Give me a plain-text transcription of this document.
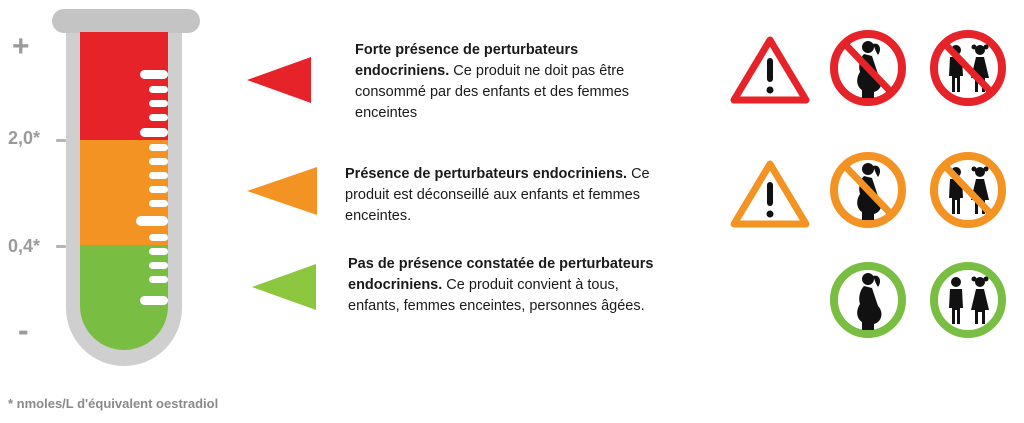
+
2,0*
0,4*
-
Forte présence de perturbateurs endocriniens. Ce produit ne doit pas être consommé par des enfants et des femmes enceintes
Présence de perturbateurs endocriniens. Ce produit est déconseillé aux enfants et femmes enceintes.
Pas de présence constatée de perturbateurs endocriniens. Ce produit convient à tous, enfants, femmes enceintes, personnes âgées.
* nmoles/L d'équivalent oestradiol
